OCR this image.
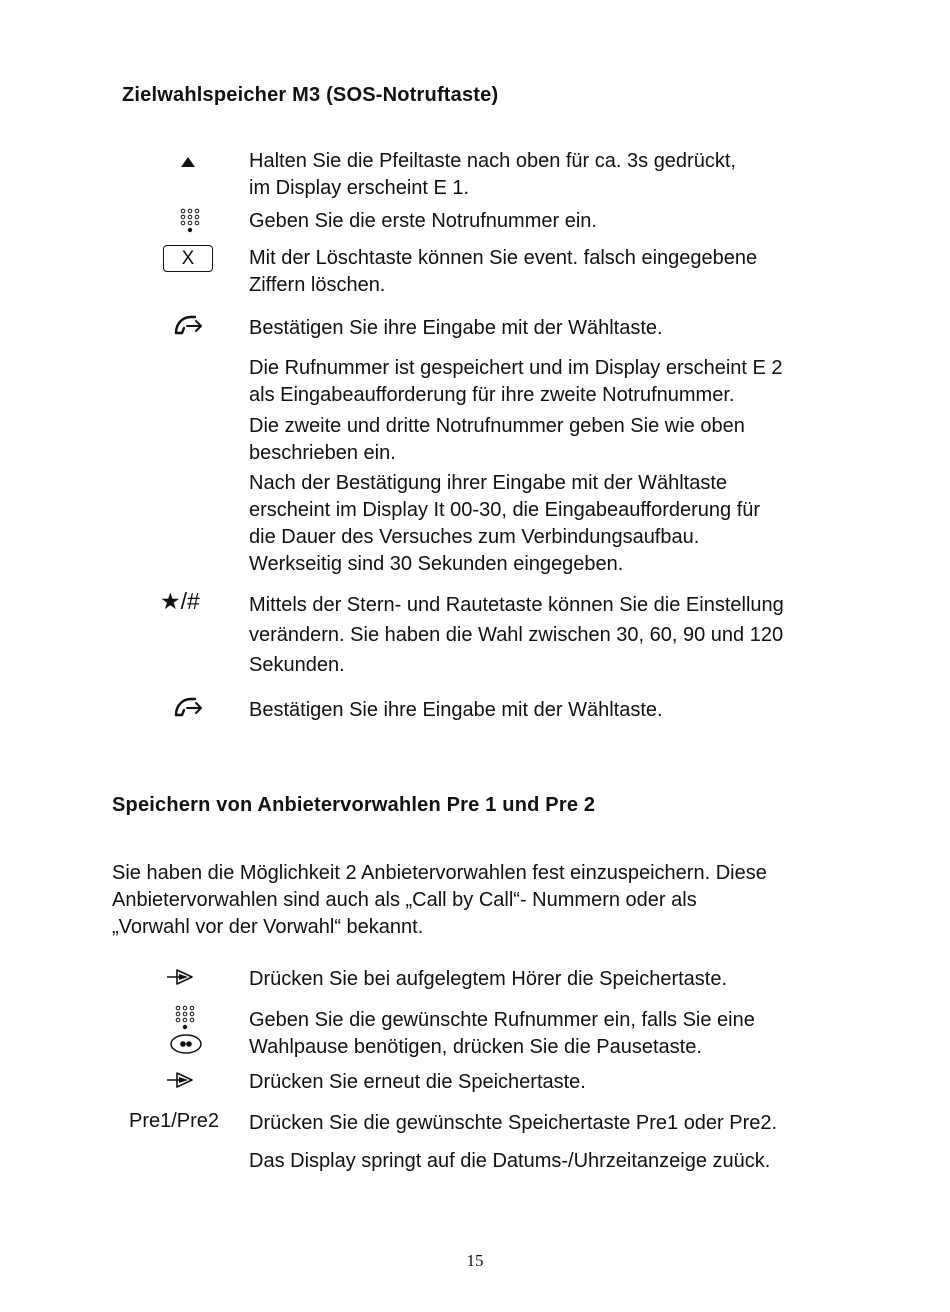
Zielwahlspeicher M3 (SOS-Notruftaste)

Halten Sie die Pfeiltaste nach oben für ca. 3s gedrückt,
im Display erscheint E 1.

Geben Sie die erste Notrufnummer ein.

X	Mit der Löschtaste können Sie event. falsch eingegebene
Ziffern löschen.

Bestätigen Sie ihre Eingabe mit der Wähltaste.

Die Rufnummer ist gespeichert und im Display erscheint E 2
als Eingabeaufforderung für ihre zweite Notrufnummer.

Die zweite und dritte Notrufnummer geben Sie wie oben
beschrieben ein.

Nach der Bestätigung ihrer Eingabe mit der Wähltaste
erscheint im Display It 00-30, die Eingabeaufforderung für
die Dauer des Versuches zum Verbindungsaufbau.
Werkseitig sind 30 Sekunden eingegeben.

★/# Mittels der Stern- und Rautetaste können Sie die Einstellung
verändern. Sie haben die Wahl zwischen 30, 60, 90 und 120
Sekunden.

Bestätigen Sie ihre Eingabe mit der Wähltaste.

Speichern von Anbietervorwahlen Pre 1 und Pre 2

Sie haben die Möglichkeit 2 Anbietervorwahlen fest einzuspeichern. Diese
Anbietervorwahlen sind auch als „Call by Call“- Nummern oder als
„Vorwahl vor der Vorwahl“ bekannt.

Drücken Sie bei aufgelegtem Hörer die Speichertaste.

Geben Sie die gewünschte Rufnummer ein, falls Sie eine
Wahlpause benötigen, drücken Sie die Pausetaste.

Drücken Sie erneut die Speichertaste.

Pre1/Pre2 Drücken Sie die gewünschte Speichertaste Pre1 oder Pre2.

Das Display springt auf die Datums-/Uhrzeitanzeige zuück.

15
